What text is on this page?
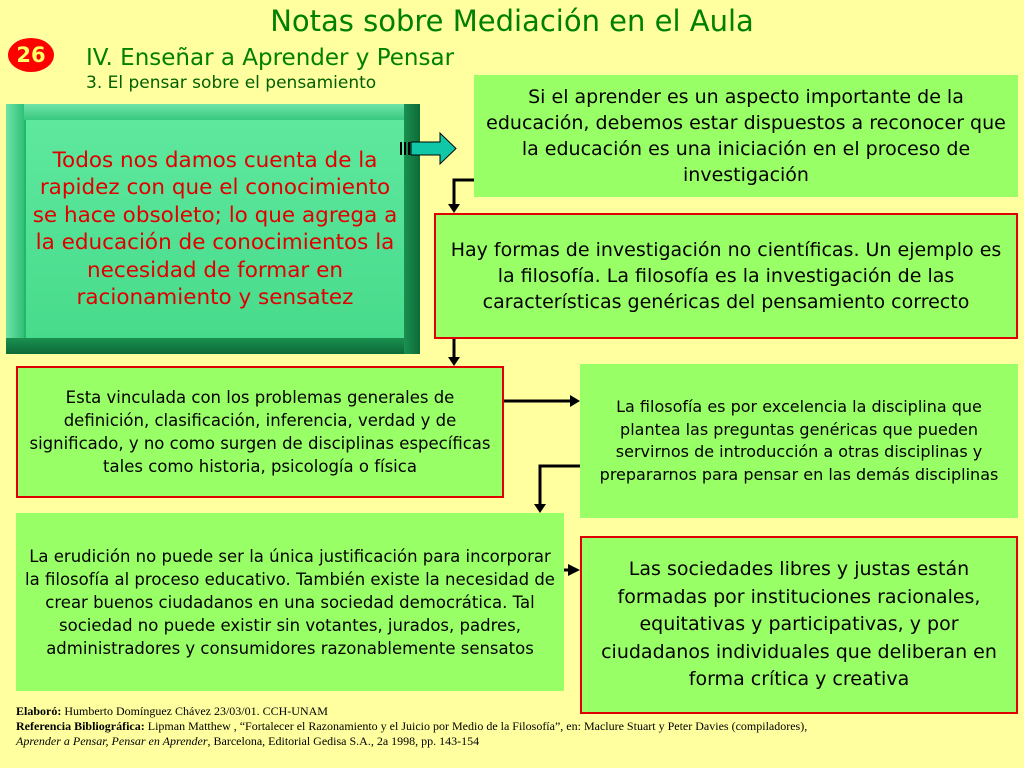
Notas sobre Mediación en el Aula
26	IV. Enseñar a Aprender y Pensar
3. El pensar sobre el pensamiento
Todos nos damos cuenta de la rapidez con que el conocimiento se hace obsoleto; lo que agrega a la educación de conocimientos la necesidad de formar en racionamiento y sensatez
Si el aprender es un aspecto importante de la educación, debemos estar dispuestos a reconocer que la educación es una iniciación en el proceso de investigación
Hay formas de investigación no científicas. Un ejemplo es la filosofía. La filosofía es la investigación de las características genéricas del pensamiento correcto
Esta vinculada con los problemas generales de definición, clasificación, inferencia, verdad y de significado, y no como surgen de disciplinas específicas tales como historia, psicología o física
La filosofía es por excelencia la disciplina que plantea las preguntas genéricas que pueden servirnos de introducción a otras disciplinas y prepararnos para pensar en las demás disciplinas
La erudición no puede ser la única justificación para incorporar la filosofía al proceso educativo. También existe la necesidad de crear buenos ciudadanos en una sociedad democrática. Tal sociedad no puede existir sin votantes, jurados, padres, administradores y consumidores razonablemente sensatos
Las sociedades libres y justas están formadas por instituciones racionales, equitativas y participativas, y por ciudadanos individuales que deliberan en forma crítica y creativa
Elaboró: Humberto Domínguez Chávez 23/03/01. CCH-UNAM
Referencia Bibliográfica: Lipman Matthew , “Fortalecer el Razonamiento y el Juicio por Medio de la Filosofía”, en: Maclure Stuart y Peter Davies (compiladores),
Aprender a Pensar, Pensar en Aprender, Barcelona, Editorial Gedisa S.A., 2a 1998, pp. 143-154
